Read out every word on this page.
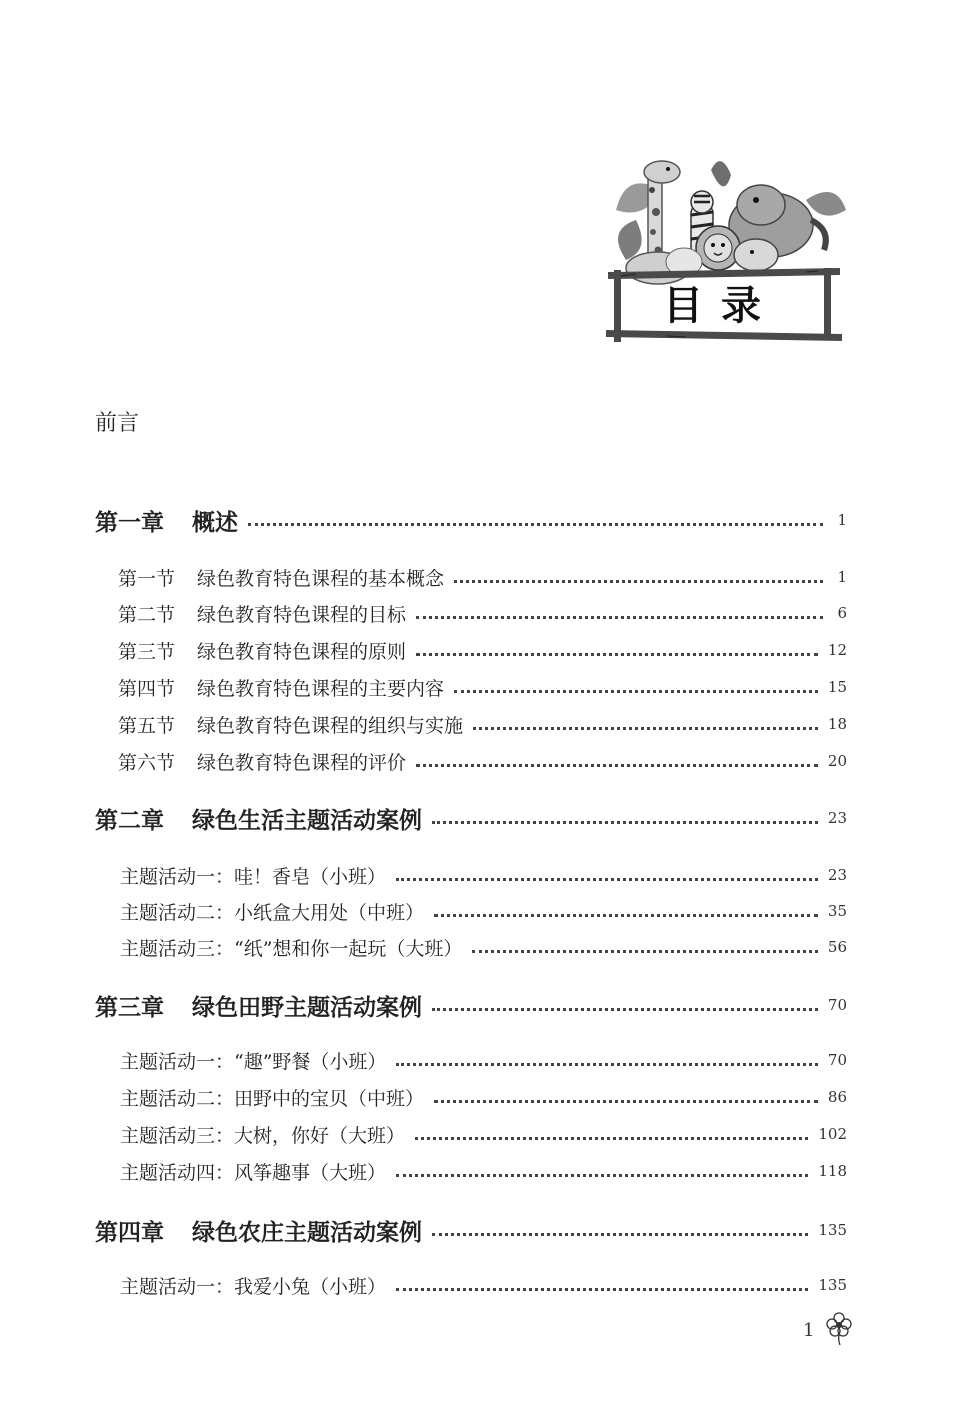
目录
前言
第一章 概述	1
第一节 绿色教育特色课程的基本概念	1
第二节 绿色教育特色课程的目标	6
第三节 绿色教育特色课程的原则	12
第四节 绿色教育特色课程的主要内容	15
第五节 绿色教育特色课程的组织与实施	18
第六节 绿色教育特色课程的评价	20
第二章 绿色生活主题活动案例	23
主题活动一：哇！香皂（小班）	23
主题活动二：小纸盒大用处（中班）	35
主题活动三：“纸”想和你一起玩（大班）	56
第三章 绿色田野主题活动案例	70
主题活动一：“趣”野餐（小班）	70
主题活动二：田野中的宝贝（中班）	86
主题活动三：大树，你好（大班）	102
主题活动四：风筝趣事（大班）	118
第四章 绿色农庄主题活动案例	135
主题活动一：我爱小兔（小班）	135
1
